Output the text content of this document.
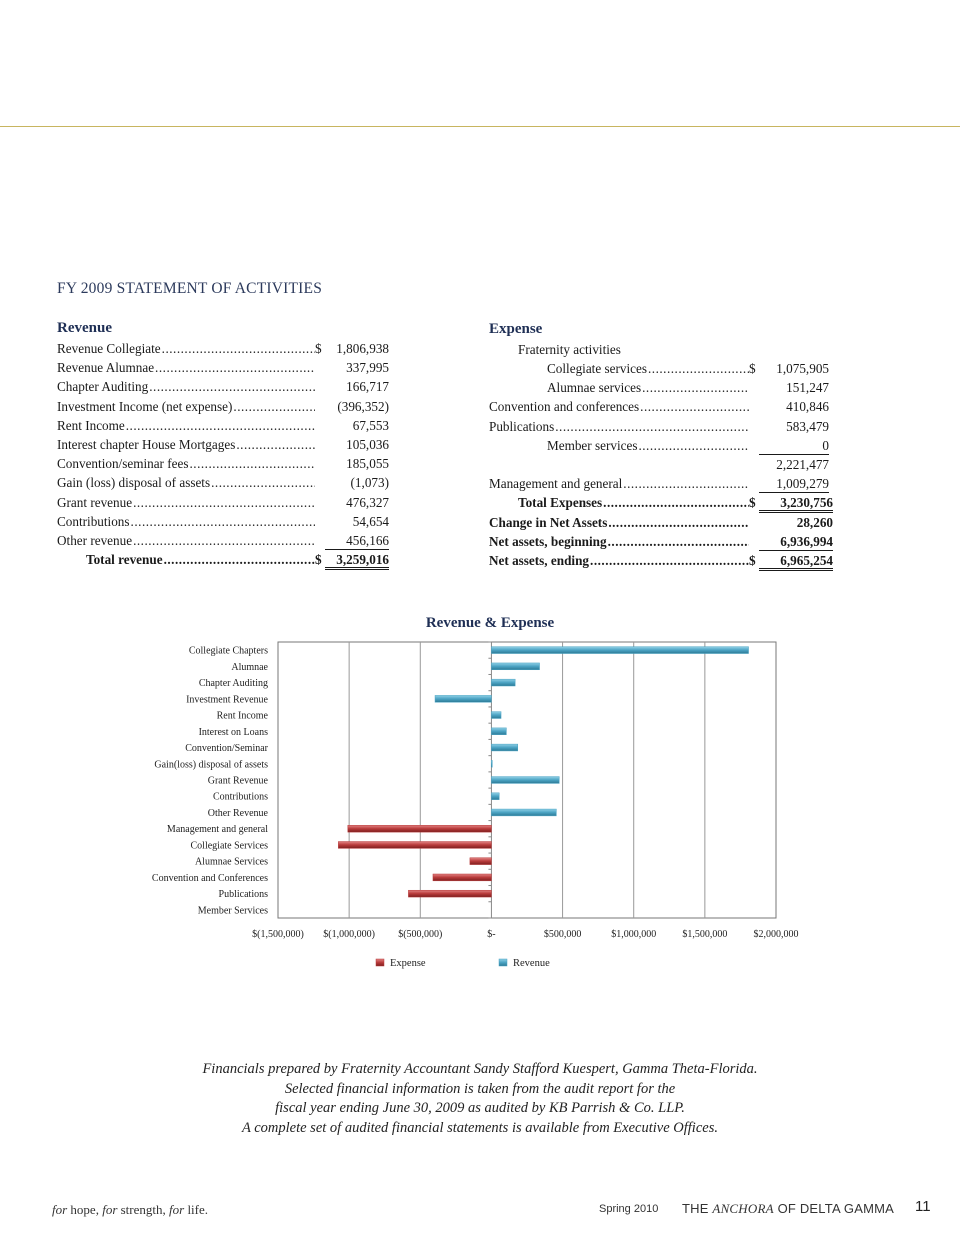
FY 2009 STATEMENT OF ACTIVITIES
Revenue
Revenue Collegiate .....	$	1,806,938
Revenue Alumnae .....	337,995
Chapter Auditing .....	166,717
Investment Income (net expense) .....	(396,352)
Rent Income .....	67,553
Interest chapter House Mortgages .....	105,036
Convention/seminar fees .....	185,055
Gain (loss) disposal of assets .....	(1,073)
Grant revenue .....	476,327
Contributions .....	54,654
Other revenue .....	456,166
Total revenue .....	$	3,259,016
Expense
Fraternity activities
Collegiate services .....	$	1,075,905
Alumnae services .....	151,247
Convention and conferences .....	410,846
Publications .....	583,479
Member services .....	0
2,221,477
Management and general .....	1,009,279
Total Expenses .....	$	3,230,756
Change in Net Assets .....	28,260
Net assets, beginning .....	6,936,994
Net assets, ending .....	$	6,965,254
Revenue & Expense
Collegiate Chapters
Alumnae
Chapter Auditing
Investment Revenue
Rent Income
Interest on Loans
Convention/Seminar
Gain(loss) disposal of assets
Grant Revenue
Contributions
Other Revenue
Management and general
Collegiate Services
Alumnae Services
Convention and Conferences
Publications
Member Services
$(1,500,000) $(1,000,000) $(500,000)	$-	$500,000	$1,000,000	$1,500,000	$2,000,000
Expense	Revenue
Financials prepared by Fraternity Accountant Sandy Stafford Kuespert, Gamma Theta-Florida.
Selected financial information is taken from the audit report for the
fiscal year ending June 30, 2009 as audited by KB Parrish & Co. LLP.
A complete set of audited financial statements is available from Executive Offices.
for hope, for strength, for life.	Spring 2010 THE ANCHORA OF DELTA GAMMA 11
